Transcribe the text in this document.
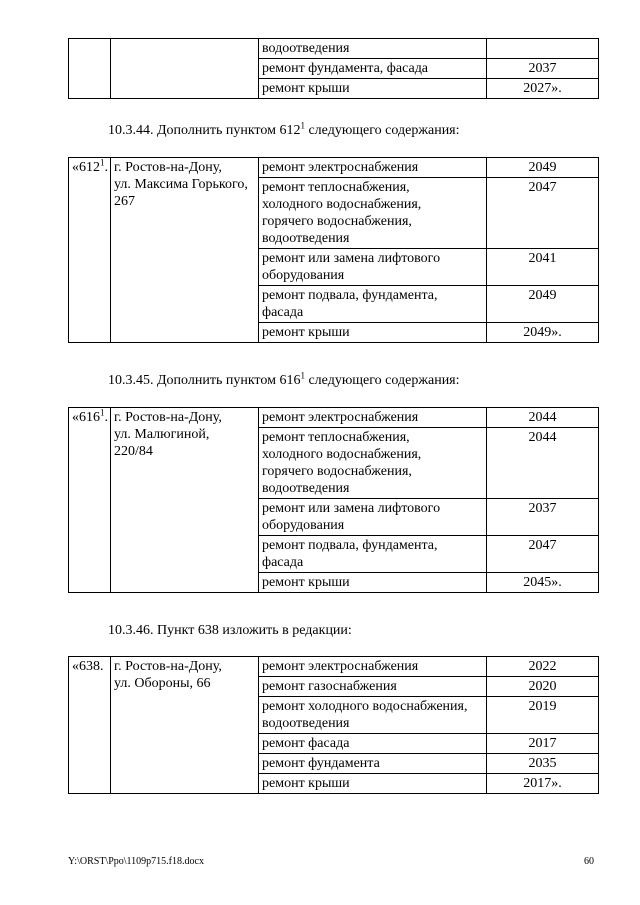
		водоотведения	
		ремонт фундамента, фасада	2037
		ремонт крыши	2027».
10.3.44. Дополнить пунктом $612^1$ следующего содержания:
«$612^1$.	г. Ростов-на-Дону,
ул. Максима Горького,
267	ремонт электроснабжения	2049
		ремонт теплоснабжения,
холодного водоснабжения,
горячего водоснабжения,
водоотведения	2047
		ремонт или замена лифтового
оборудования	2041
		ремонт подвала, фундамента,
фасада	2049
		ремонт крыши	2049».
10.3.45. Дополнить пунктом $616^1$ следующего содержания:
«$616^1$.	г. Ростов-на-Дону,
ул. Малюгиной,
220/84	ремонт электроснабжения	2044
		ремонт теплоснабжения,
холодного водоснабжения,
горячего водоснабжения,
водоотведения	2044
		ремонт или замена лифтового
оборудования	2037
		ремонт подвала, фундамента,
фасада	2047
		ремонт крыши	2045».
10.3.46. Пункт 638 изложить в редакции:
«638.	г. Ростов-на-Дону,
ул. Обороны, 66	ремонт электроснабжения	2022
		ремонт газоснабжения	2020
		ремонт холодного водоснабжения,
водоотведения	2019
		ремонт фасада	2017
		ремонт фундамента	2035
		ремонт крыши	2017».
Y:\ORST\Ppo\1109p715.f18.docx	60
